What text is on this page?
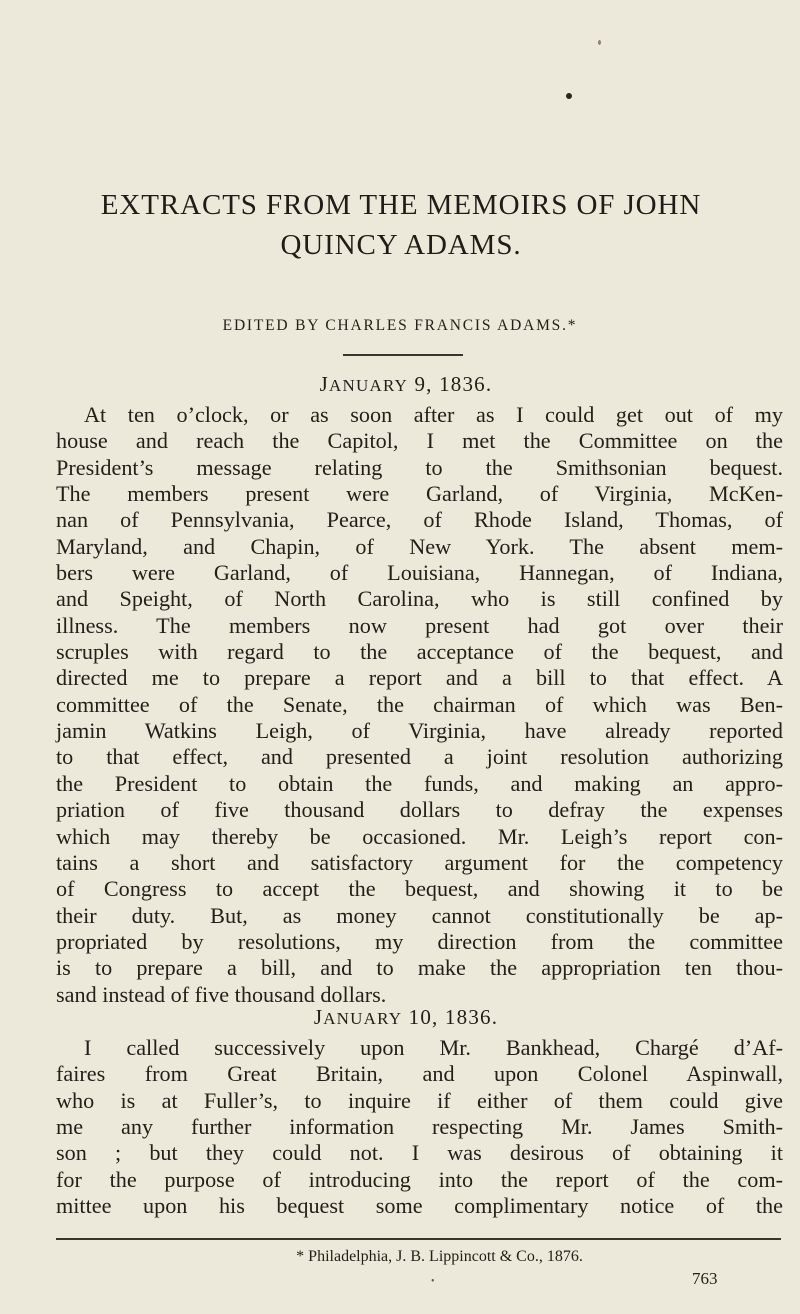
EXTRACTS FROM THE MEMOIRS OF JOHN
QUINCY ADAMS.
EDITED BY CHARLES FRANCIS ADAMS.*
JANUARY 9, 1836.
At ten o’clock, or as soon after as I could get out of my
house and reach the Capitol, I met the Committee on the
President’s message relating to the Smithsonian bequest.
The members present were Garland, of Virginia, McKen-
nan of Pennsylvania, Pearce, of Rhode Island, Thomas, of
Maryland, and Chapin, of New York. The absent mem-
bers were Garland, of Louisiana, Hannegan, of Indiana,
and Speight, of North Carolina, who is still confined by
illness. The members now present had got over their
scruples with regard to the acceptance of the bequest, and
directed me to prepare a report and a bill to that effect. A
committee of the Senate, the chairman of which was Ben-
jamin Watkins Leigh, of Virginia, have already reported
to that effect, and presented a joint resolution authorizing
the President to obtain the funds, and making an appro-
priation of five thousand dollars to defray the expenses
which may thereby be occasioned. Mr. Leigh’s report con-
tains a short and satisfactory argument for the competency
of Congress to accept the bequest, and showing it to be
their duty. But, as money cannot constitutionally be ap-
propriated by resolutions, my direction from the committee
is to prepare a bill, and to make the appropriation ten thou-
sand instead of five thousand dollars.
JANUARY 10, 1836.
I called successively upon Mr. Bankhead, Chargé d’Af-
faires from Great Britain, and upon Colonel Aspinwall,
who is at Fuller’s, to inquire if either of them could give
me any further information respecting Mr. James Smith-
son ; but they could not. I was desirous of obtaining it
for the purpose of introducing into the report of the com-
mittee upon his bequest some complimentary notice of the
* Philadelphia, J. B. Lippincott & Co., 1876.
•	763
